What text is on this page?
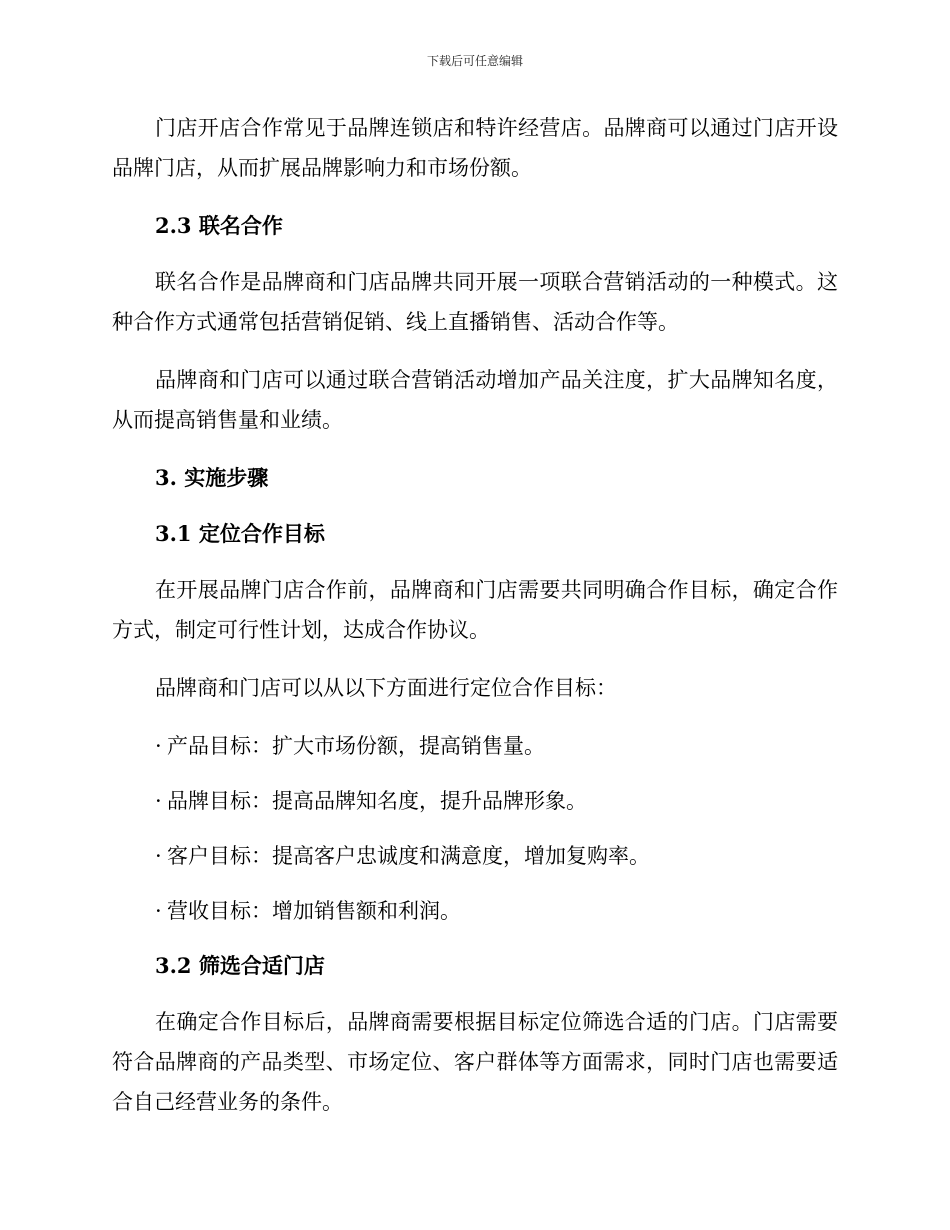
下载后可任意编辑

门店开店合作常见于品牌连锁店和特许经营店。品牌商可以通过门店开设品牌门店，从而扩展品牌影响力和市场份额。

2.3 联名合作

联名合作是品牌商和门店品牌共同开展一项联合营销活动的一种模式。这种合作方式通常包括营销促销、线上直播销售、活动合作等。

品牌商和门店可以通过联合营销活动增加产品关注度，扩大品牌知名度，从而提高销售量和业绩。

3. 实施步骤
3.1 定位合作目标

在开展品牌门店合作前，品牌商和门店需要共同明确合作目标，确定合作方式，制定可行性计划，达成合作协议。

品牌商和门店可以从以下方面进行定位合作目标：

· 产品目标：扩大市场份额，提高销售量。
· 品牌目标：提高品牌知名度，提升品牌形象。
· 客户目标：提高客户忠诚度和满意度，增加复购率。
· 营收目标：增加销售额和利润。
3.2 筛选合适门店

在确定合作目标后，品牌商需要根据目标定位筛选合适的门店。门店需要符合品牌商的产品类型、市场定位、客户群体等方面需求，同时门店也需要适合自己经营业务的条件。
